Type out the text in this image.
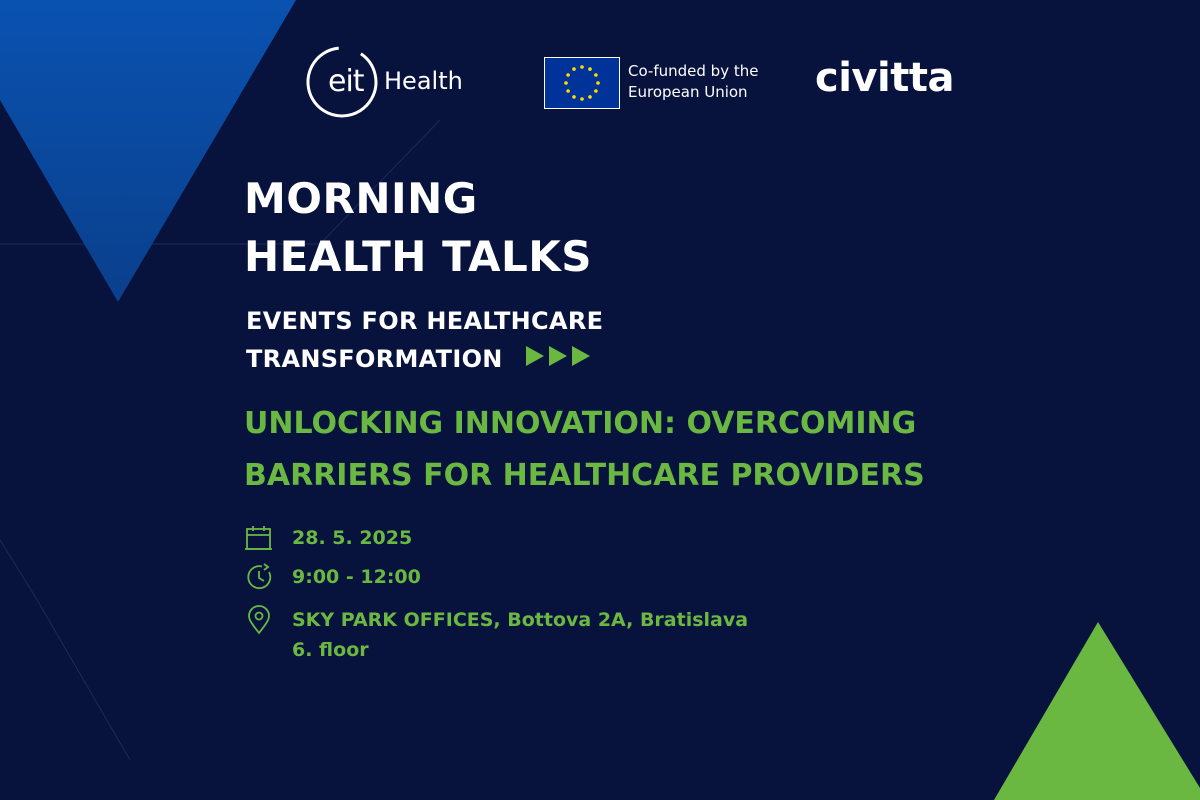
eit Health	Co-funded by the
European Union civitta
MORNING
HEALTH TALKS
EVENTS FOR HEALTHCARE
TRANSFORMATION
UNLOCKING INNOVATION: OVERCOMING
BARRIERS FOR HEALTHCARE PROVIDERS
28. 5. 2025
9:00 - 12:00
SKY PARK OFFICES, Bottova 2A, Bratislava
6. floor
